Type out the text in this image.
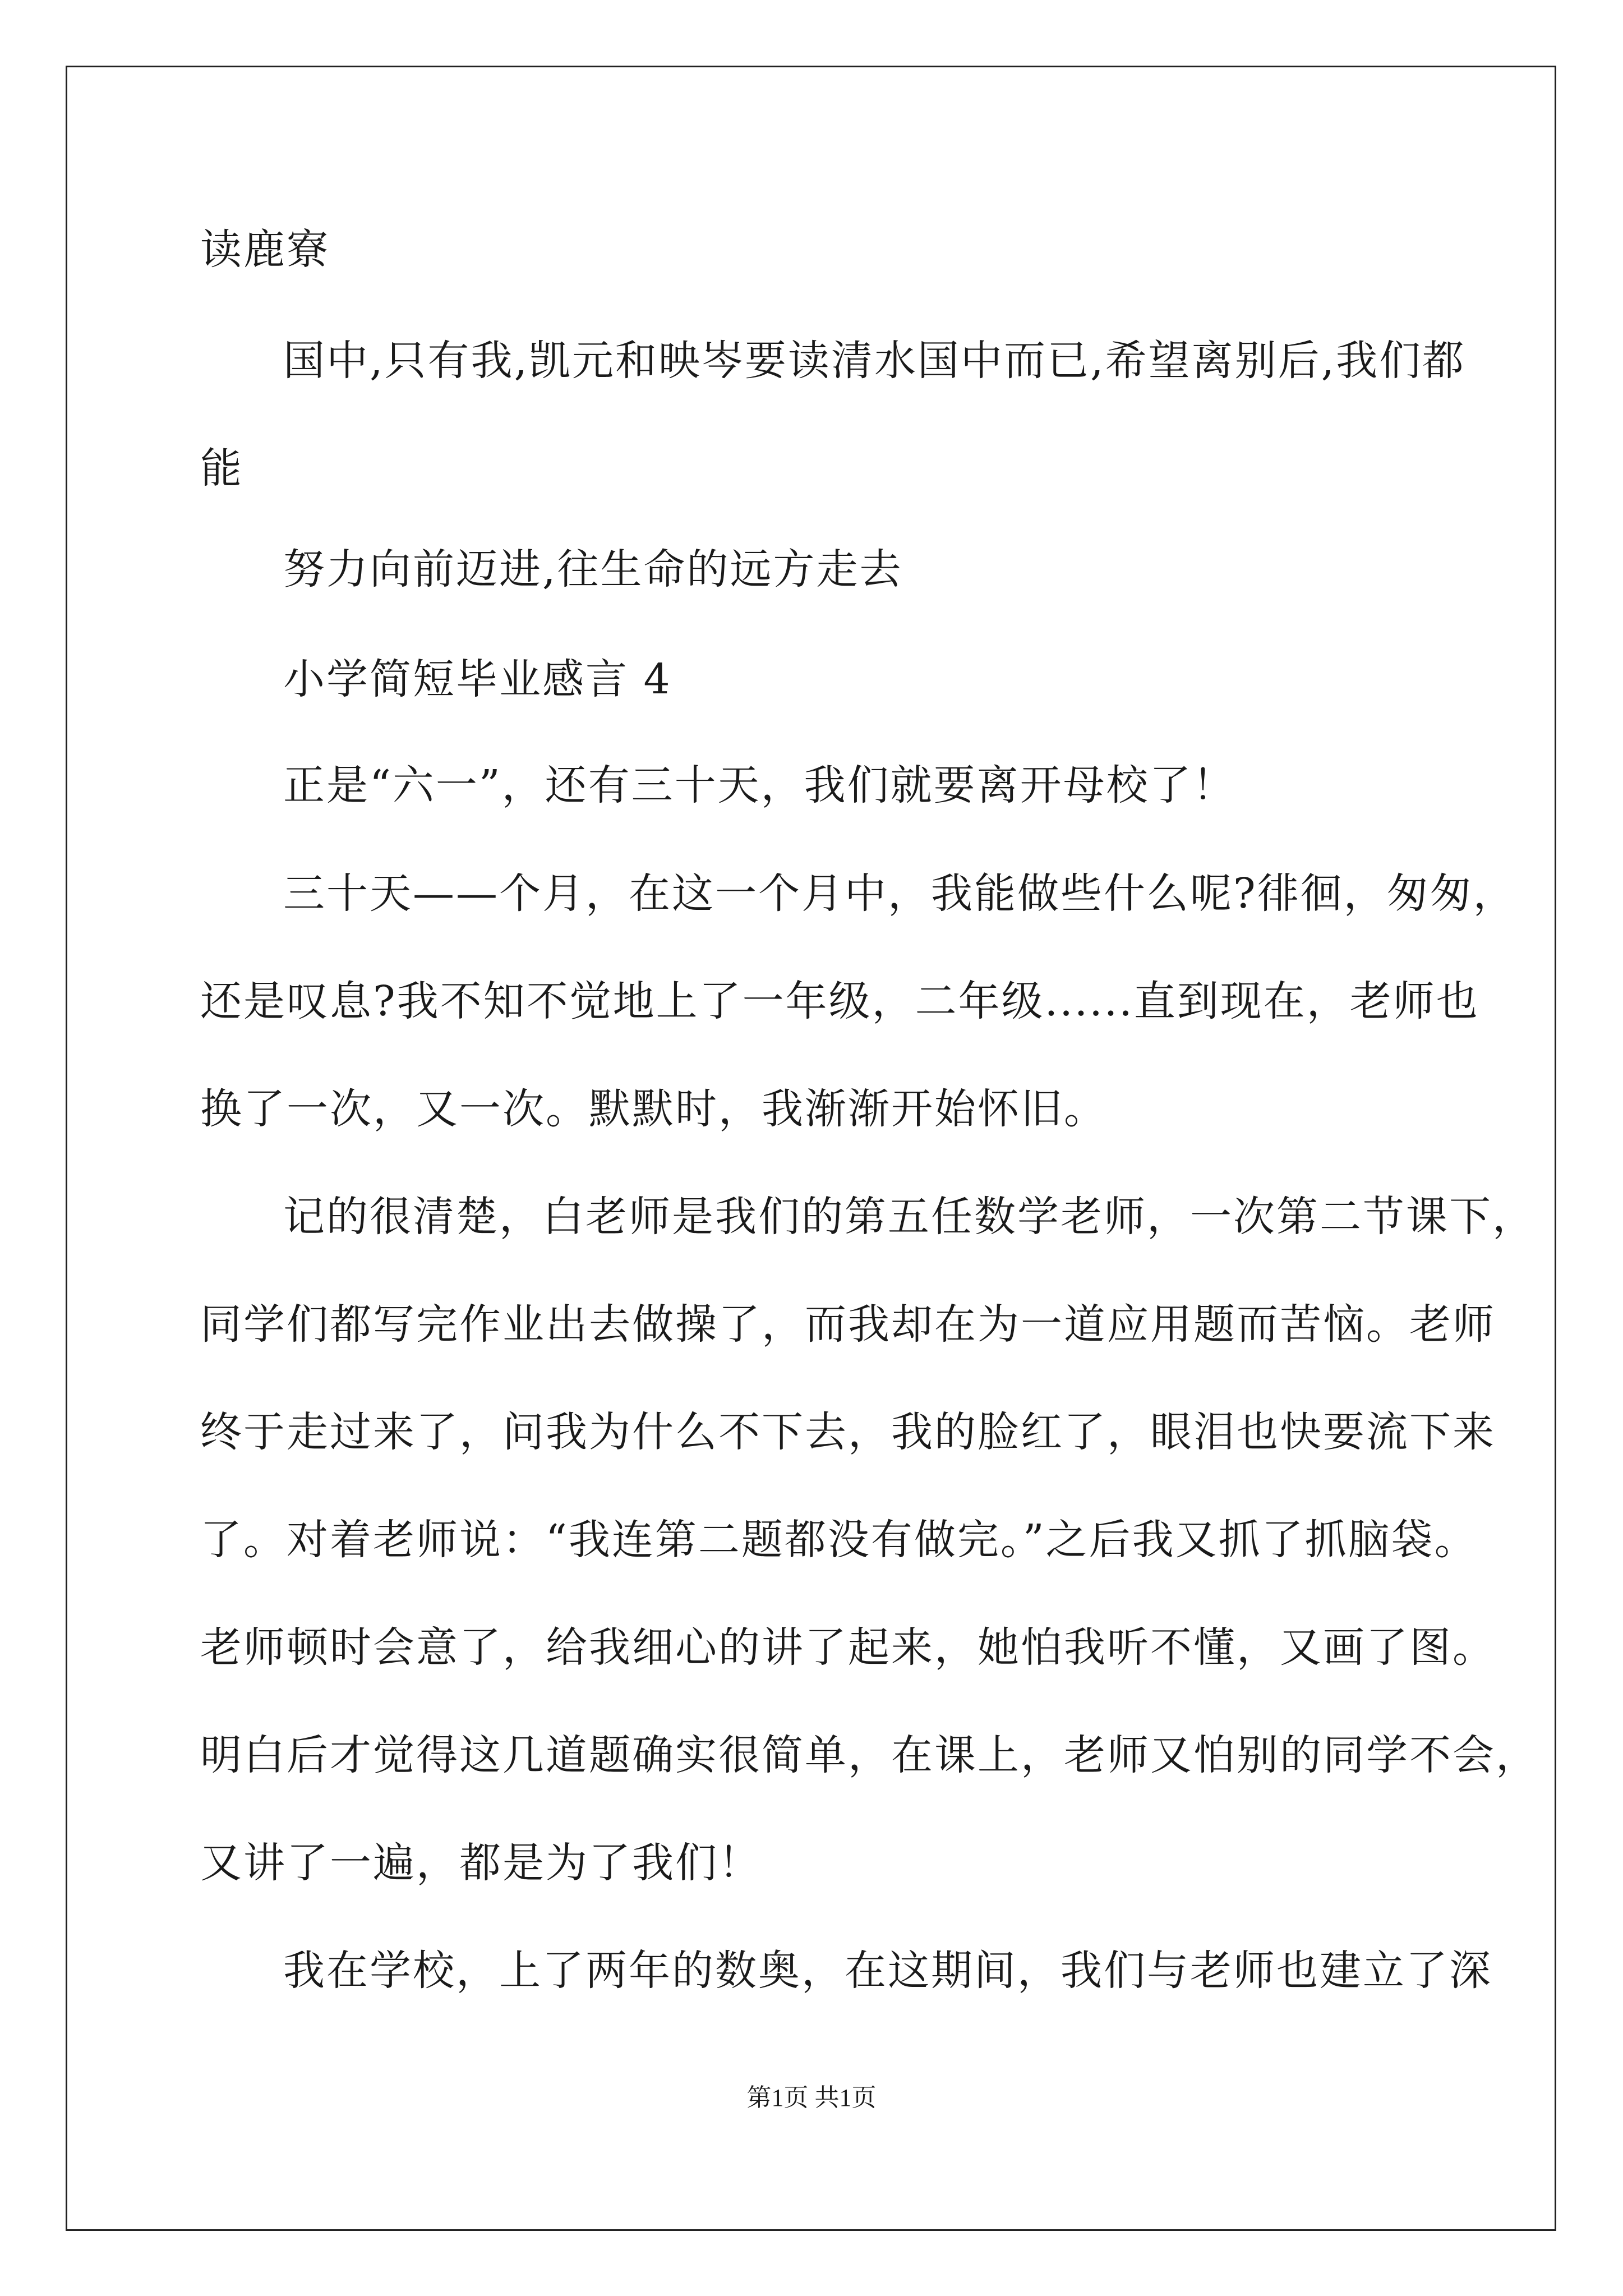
读鹿寮
国中,只有我,凯元和映岑要读清水国中而已,希望离别后,我们都
能
努力向前迈进,往生命的远方走去
小学简短毕业感言 4
正是“六一”，还有三十天，我们就要离开母校了！
三十天——个月，在这一个月中，我能做些什么呢?徘徊，匆匆，
还是叹息?我不知不觉地上了一年级，二年级......直到现在，老师也
换了一次，又一次。默默时，我渐渐开始怀旧。
记的很清楚，白老师是我们的第五任数学老师，一次第二节课下，
同学们都写完作业出去做操了，而我却在为一道应用题而苦恼。老师
终于走过来了，问我为什么不下去，我的脸红了，眼泪也快要流下来
了。对着老师说：“我连第二题都没有做完。”之后我又抓了抓脑袋。
老师顿时会意了，给我细心的讲了起来，她怕我听不懂，又画了图。
明白后才觉得这几道题确实很简单，在课上，老师又怕别的同学不会，
又讲了一遍，都是为了我们！
我在学校，上了两年的数奥，在这期间，我们与老师也建立了深
第1页 共1页
